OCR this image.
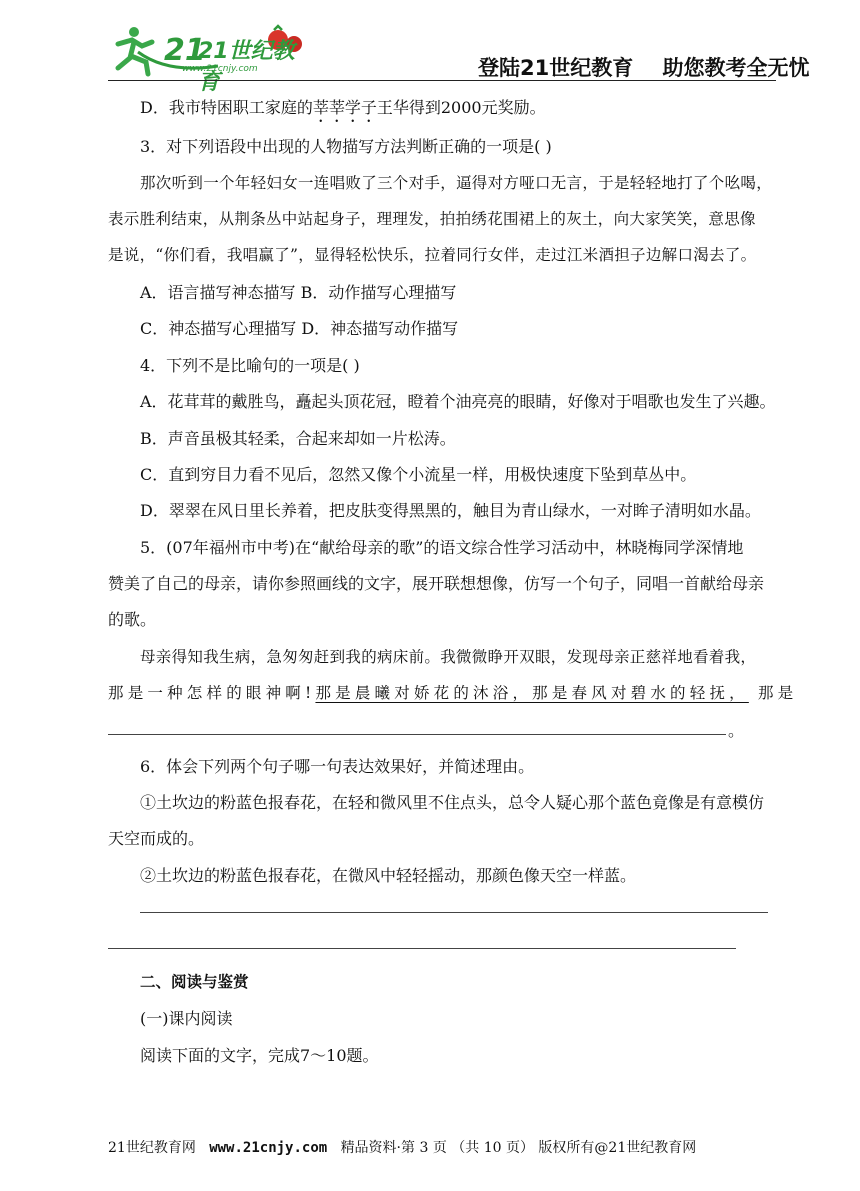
21
21世纪教育
www.21cnjy.com	登陆21世纪教育    助您教考全无忧
D．我市特困职工家庭的莘莘学子王华得到2000元奖励。
3．对下列语段中出现的人物描写方法判断正确的一项是( )
那次听到一个年轻妇女一连唱败了三个对手，逼得对方哑口无言，于是轻轻地打了个吆喝，
表示胜利结束，从荆条丛中站起身子，理理发，拍拍绣花围裙上的灰土，向大家笑笑，意思像
是说，“你们看，我唱赢了”，显得轻松快乐，拉着同行女伴，走过江米酒担子边解口渴去了。
A．语言描写神态描写 B．动作描写心理描写
C．神态描写心理描写 D．神态描写动作描写
4．下列不是比喻句的一项是( )
A．花茸茸的戴胜鸟，矗起头顶花冠，瞪着个油亮亮的眼睛，好像对于唱歌也发生了兴趣。
B．声音虽极其轻柔，合起来却如一片松涛。
C．直到穷目力看不见后，忽然又像个小流星一样，用极快速度下坠到草丛中。
D．翠翠在风日里长养着，把皮肤变得黑黑的，触目为青山绿水，一对眸子清明如水晶。
5．(07年福州市中考)在“献给母亲的歌”的语文综合性学习活动中，林晓梅同学深情地
赞美了自己的母亲，请你参照画线的文字，展开联想想像，仿写一个句子，同唱一首献给母亲
的歌。
母亲得知我生病，急匆匆赶到我的病床前。我微微睁开双眼，发现母亲正慈祥地看着我，
那是一种怎样的眼神啊!那是晨曦对娇花的沐浴，那是春风对碧水的轻抚， 那是
。
6．体会下列两个句子哪一句表达效果好，并简述理由。
①土坎边的粉蓝色报春花，在轻和微风里不住点头，总令人疑心那个蓝色竟像是有意模仿
天空而成的。
②土坎边的粉蓝色报春花，在微风中轻轻摇动，那颜色像天空一样蓝。
二、阅读与鉴赏
(一)课内阅读
阅读下面的文字，完成7～10题。
21世纪教育网 www.21cnjy.com 精品资料·第 3 页 （共 10 页） 版权所有@21世纪教育网
